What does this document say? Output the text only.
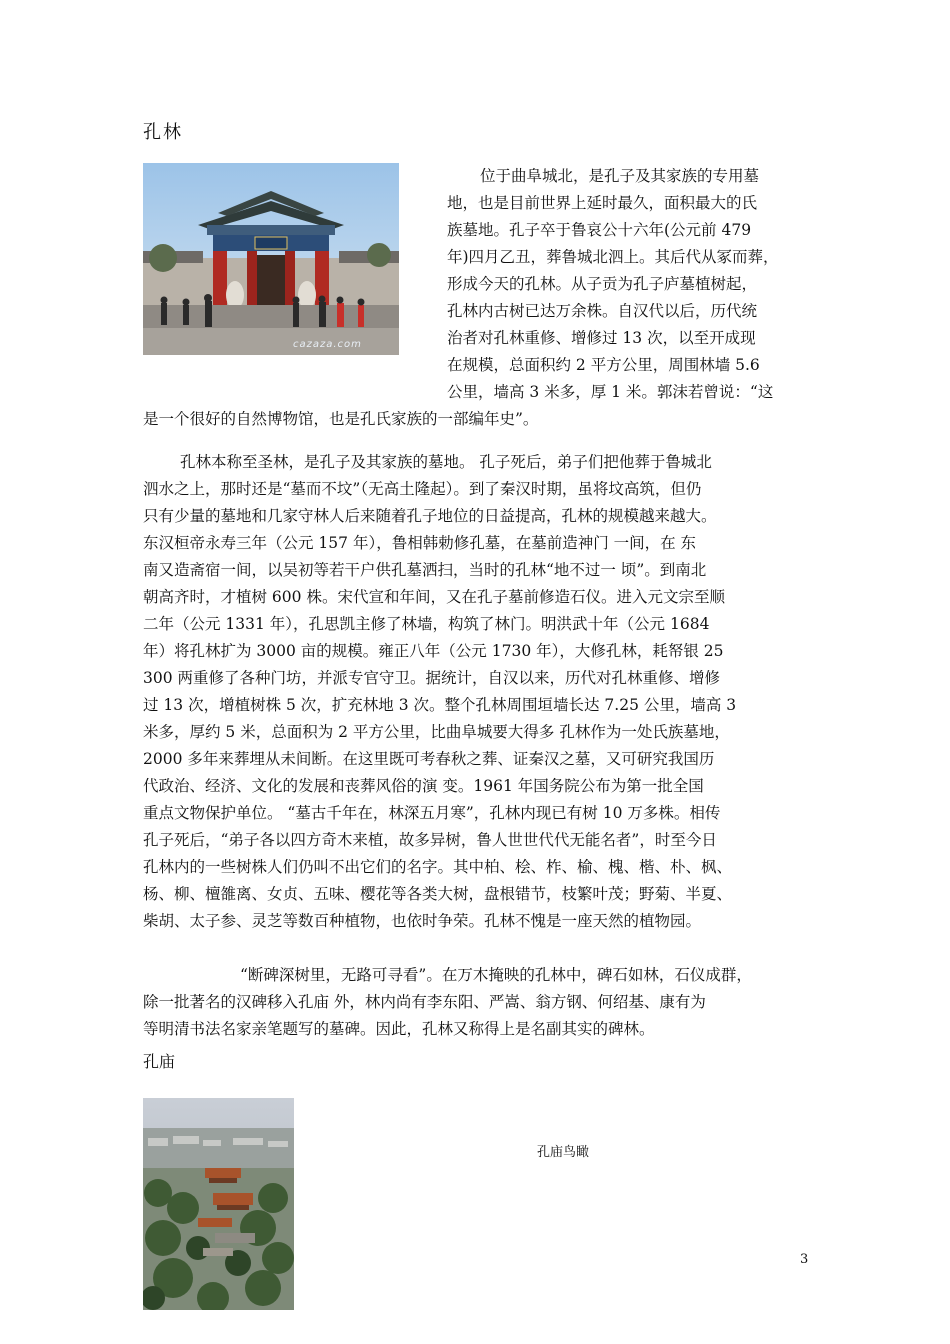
孔林
cazaza.com

位于曲阜城北，是孔子及其家族的专用墓

地，也是目前世界上延时最久，面积最大的氏

族墓地。孔子卒于鲁哀公十六年(公元前 479

年)四月乙丑，葬鲁城北泗上。其后代从冢而葬，

形成今天的孔林。从子贡为孔子庐墓植树起，

孔林内古树已达万余株。自汉代以后，历代统

治者对孔林重修、增修过 13 次，以至开成现

在规模，总面积约 2 平方公里，周围林墙 5.6

公里，墙高 3 米多，厚 1 米。郭沫若曾说：“这

是一个很好的自然博物馆，也是孔氏家族的一部编年史”。

孔林本称至圣林，是孔子及其家族的墓地。 孔子死后，弟子们把他葬于鲁城北

泗水之上，那时还是“墓而不坟”（无高土隆起）。到了秦汉时期，虽将坟高筑，但仍

只有少量的墓地和几家守林人后来随着孔子地位的日益提高，孔林的规模越来越大。

东汉桓帝永寿三年（公元 157 年），鲁相韩勅修孔墓，在墓前造神门 一间，在 东

南又造斋宿一间，以吴初等若干户供孔墓洒扫，当时的孔林“地不过一 顷”。到南北

朝高齐时，才植树 600 株。宋代宣和年间，又在孔子墓前修造石仪。进入元文宗至顺

二年（公元 1331 年），孔思凯主修了林墙，构筑了林门。明洪武十年（公元 1684

年）将孔林扩为 3000 亩的规模。雍正八年（公元 1730 年），大修孔林，耗帑银 25

300 两重修了各种门坊，并派专官守卫。据统计，自汉以来，历代对孔林重修、增修

过 13 次，增植树株 5 次，扩充林地 3 次。整个孔林周围垣墙长达 7.25 公里，墙高 3

米多，厚约 5 米，总面积为 2 平方公里，比曲阜城要大得多 孔林作为一处氏族墓地，

2000 多年来葬埋从未间断。在这里既可考春秋之葬、证秦汉之墓，又可研究我国历

代政治、经济、文化的发展和丧葬风俗的演 变。1961 年国务院公布为第一批全国

重点文物保护单位。 “墓古千年在，林深五月寒”，孔林内现已有树 10 万多株。相传

孔子死后，“弟子各以四方奇木来植，故多异树，鲁人世世代代无能名者”，时至今日

孔林内的一些树株人们仍叫不出它们的名字。其中柏、桧、柞、榆、槐、楷、朴、枫、

杨、柳、檀雒离、女贞、五味、樱花等各类大树，盘根错节，枝繁叶茂；野菊、半夏、

柴胡、太子参、灵芝等数百种植物，也依时争荣。孔林不愧是一座天然的植物园。

“断碑深树里，无路可寻看”。在万木掩映的孔林中，碑石如林，石仪成群，

除一批著名的汉碑移入孔庙 外，林内尚有李东阳、严嵩、翁方钢、何绍基、康有为

等明清书法名家亲笔题写的墓碑。因此，孔林又称得上是名副其实的碑林。

孔庙
孔庙鸟瞰
3
